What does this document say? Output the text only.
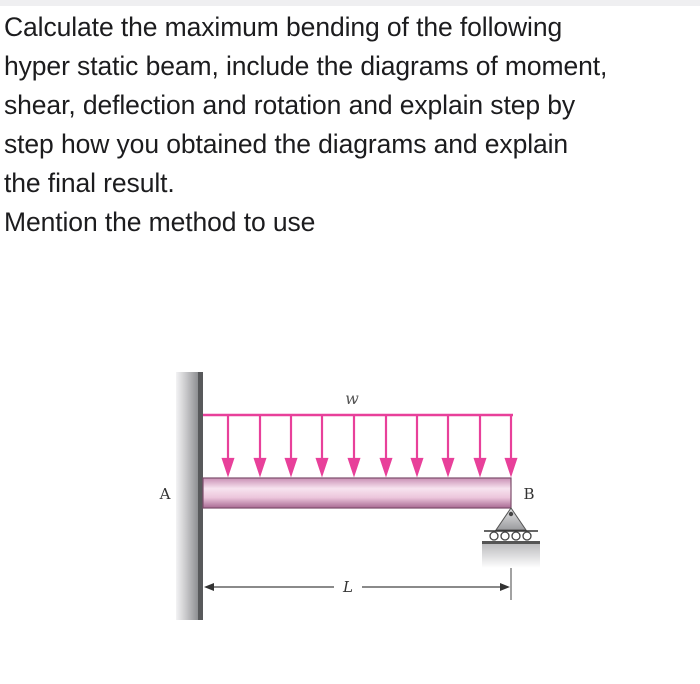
Calculate the maximum bending of the following
hyper static beam, include the diagrams of moment,
shear, deflection and rotation and explain step by
step how you obtained the diagrams and explain
the final result.
Mention the method to use
w
A	B
L
